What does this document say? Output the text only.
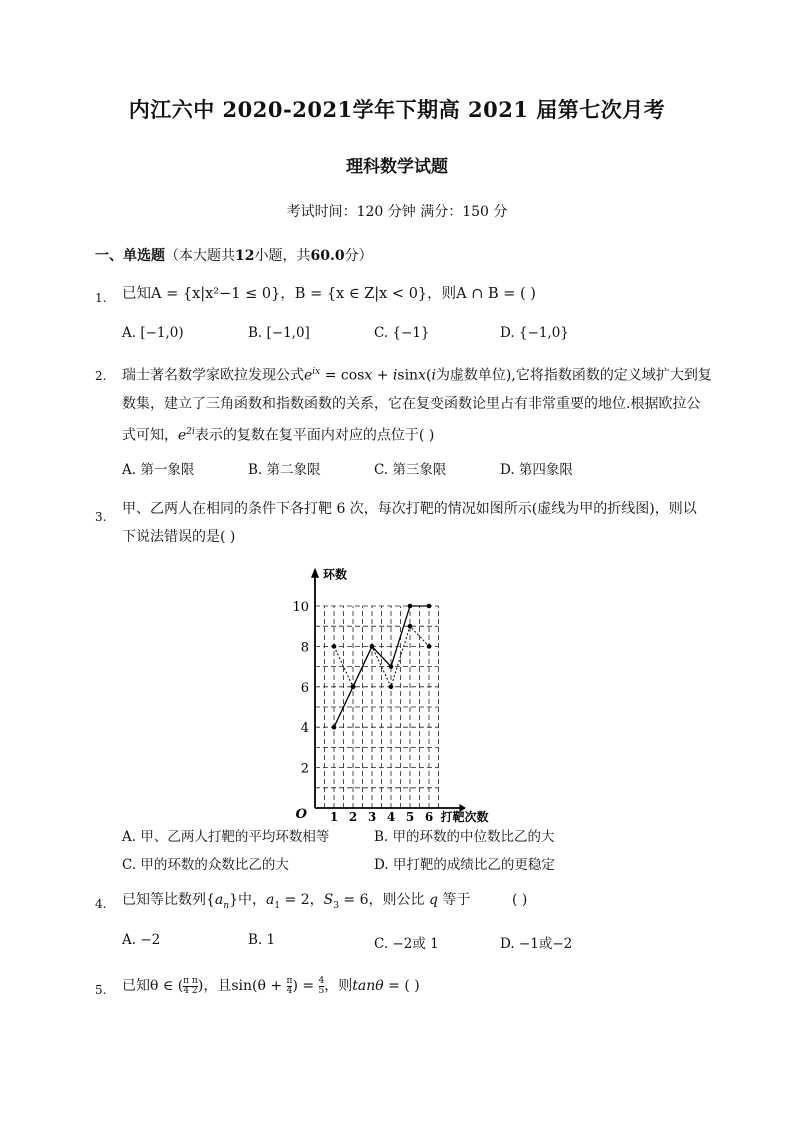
内江六中 2020-2021学年下期高 2021 届第七次月考
理科数学试题
考试时间：120 分钟 满分：150 分
一、单选题（本大题共12小题，共60.0分）
1. 已知A = {x|x²−1 ≤ 0}，B = {x ∈ Z|x < 0}，则A ∩ B = ( )
A. [−1,0)	B. [−1,0]	C. {−1}	D. {−1,0}
2. 瑞士著名数学家欧拉发现公式$e^{ix} = \cos x + isinx(i$为虚数单位),它将指数函数的定义域扩大到复
数集，建立了三角函数和指数函数的关系，它在复变函数论里占有非常重要的地位.根据欧拉公
式可知，$e^{2i}$表示的复数在复平面内对应的点位于( )
A. 第一象限	B. 第二象限	C. 第三象限	D. 第四象限
3. 甲、乙两人在相同的条件下各打靶 6 次，每次打靶的情况如图所示(虚线为甲的折线图)，则以
下说法错误的是( )
2
4
6
8
10
1 2 3 4 5 6
O
环数
打靶次数
A. 甲、乙两人打靶的平均环数相等	B. 甲的环数的中位数比乙的大
C. 甲的环数的众数比乙的大	D. 甲打靶的成绩比乙的更稳定
4. 已知等比数列$\{a_n\}$中，$a_1 = 2$，$S_3 = 6$，则公比 q 等于	( )
A. −2	B. 1	C. −2或 1	D. −1或−2
5. 已知θ ∈ ( $\frac{\text{π π}}{4 2}$ )，且$\sin(\theta + \frac{\pi}{4}$ ) = $\frac{4}{5}$ ，则tanθ = ( )
